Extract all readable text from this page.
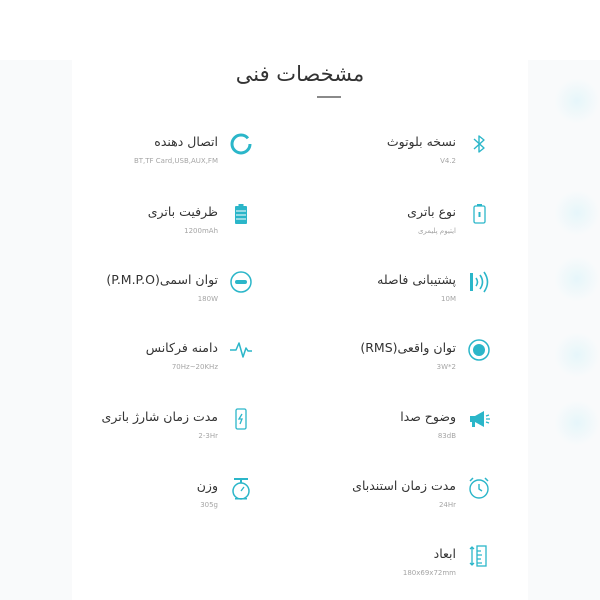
مشخصات فنی
نسخه بلوتوث
V4.2
نوع باتری
ایتیوم پلیمری
پشتیبانی فاصله
10M
توان واقعی(RMS)
3W*2
وضوح صدا
83dB
مدت زمان استندبای
24Hr
ابعاد
180x69x72mm
اتصال دهنده
BT,TF Card,USB,AUX,FM
ظرفیت باتری
1200mAh
توان اسمی(P.M.P.O)
180W
دامنه فرکانس
70Hz~20KHz
مدت زمان شارژ باتری
2-3Hr
وزن
305g
